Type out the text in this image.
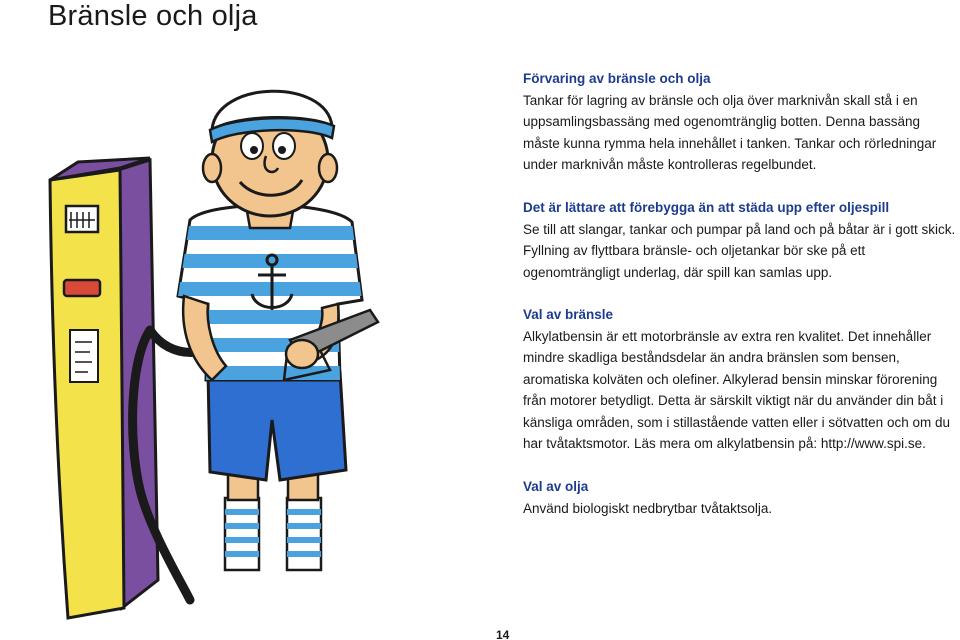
Bränsle och olja

Förvaring av bränsle och olja

Tankar för lagring av bränsle och olja över marknivån skall stå i en uppsamlingsbassäng med ogenomtränglig botten. Denna bassäng måste kunna rymma hela innehållet i tanken. Tankar och rörledningar under marknivån måste kontrolleras regelbundet.

Det är lättare att förebygga än att städa upp efter oljespill

Se till att slangar, tankar och pumpar på land och på båtar är i gott skick. Fyllning av flyttbara bränsle- och oljetankar bör ske på ett ogenomträngligt underlag, där spill kan samlas upp.

Val av bränsle

Alkylatbensin är ett motorbränsle av extra ren kvalitet. Det innehåller mindre skadliga beståndsdelar än andra bränslen som bensen, aromatiska kolväten och olefiner. Alkylerad bensin minskar förorening från motorer betydligt. Detta är särskilt viktigt när du använder din båt i känsliga områden, som i stillastående vatten eller i sötvatten och om du har tvåtaktsmotor. Läs mera om alkylatbensin på: http://www.spi.se.

Val av olja

Använd biologiskt nedbrytbar tvåtaktsolja.

14
